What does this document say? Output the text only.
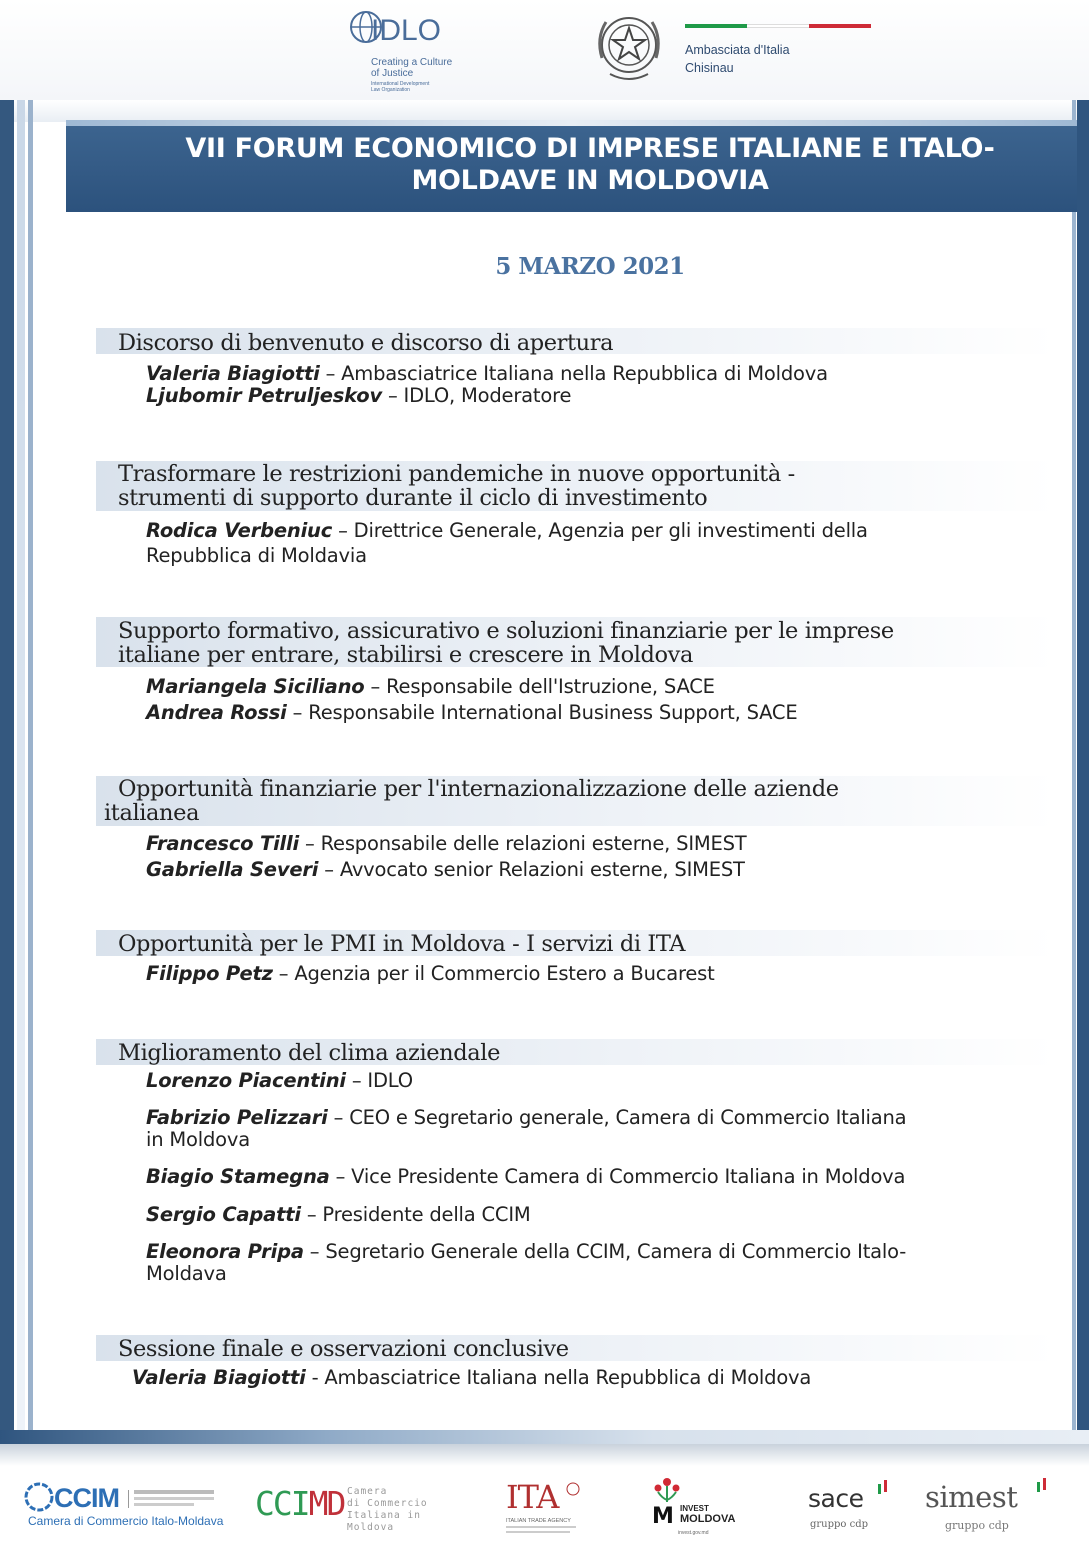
IDLO
Creating a Culture
of Justice
International Development
Law Organization
Ambasciata d'Italia
Chisinau
VII FORUM ECONOMICO DI IMPRESE ITALIANE E ITALO-
MOLDAVE IN MOLDOVIA
5 MARZO 2021
Discorso di benvenuto e discorso di apertura
Valeria Biagiotti – Ambasciatrice Italiana nella Repubblica di Moldova
Ljubomir Petruljeskov – IDLO, Moderatore
Trasformare le restrizioni pandemiche in nuove opportunità -
strumenti di supporto durante il ciclo di investimento
Rodica Verbeniuc – Direttrice Generale, Agenzia per gli investimenti della
Repubblica di Moldavia
Supporto formativo, assicurativo e soluzioni finanziarie per le imprese
italiane per entrare, stabilirsi e crescere in Moldova
Mariangela Siciliano – Responsabile dell'Istruzione, SACE
Andrea Rossi – Responsabile International Business Support, SACE
Opportunità finanziarie per l'internazionalizzazione delle aziende
italianea
Francesco Tilli – Responsabile delle relazioni esterne, SIMEST
Gabriella Severi – Avvocato senior Relazioni esterne, SIMEST
Opportunità per le PMI in Moldova - I servizi di ITA
Filippo Petz – Agenzia per il Commercio Estero a Bucarest
Miglioramento del clima aziendale
Lorenzo Piacentini – IDLO
Fabrizio Pelizzari – CEO e Segretario generale, Camera di Commercio Italiana
in Moldova
Biagio Stamegna – Vice Presidente Camera di Commercio Italiana in Moldova
Sergio Capatti – Presidente della CCIM
Eleonora Pripa – Segretario Generale della CCIM, Camera di Commercio Italo-
Moldava
Sessione finale e osservazioni conclusive
Valeria Biagiotti - Ambasciatrice Italiana nella Repubblica di Moldova
CCIM
Camera di Commercio Italo-Moldava CCIMD Camera
di Commercio
Italiana in Moldova
ITA
ITALIAN TRADE AGENCY	M INVEST
MOLDOVA
invest.gov.md
sace
gruppo cdp
simest
gruppo cdp
